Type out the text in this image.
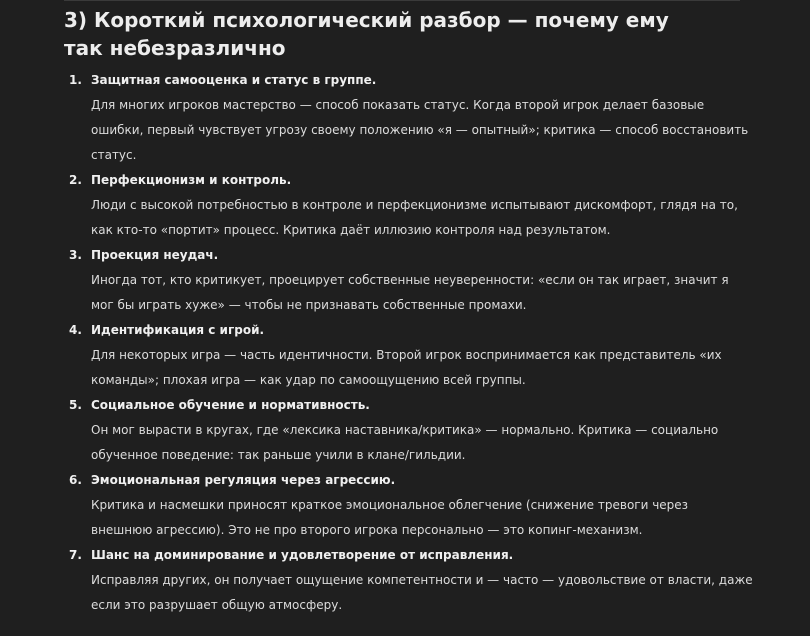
3) Короткий психологический разбор — почему ему так небезразлично
1. Защитная самооценка и статус в группе.
Для многих игроков мастерство — способ показать статус. Когда второй игрок делает базовые ошибки, первый чувствует угрозу своему положению «я — опытный»; критика — способ восстановить статус.
2. Перфекционизм и контроль.
Люди с высокой потребностью в контроле и перфекционизме испытывают дискомфорт, глядя на то, как кто-то «портит» процесс. Критика даёт иллюзию контроля над результатом.
3. Проекция неудач.
Иногда тот, кто критикует, проецирует собственные неуверенности: «если он так играет, значит я мог бы играть хуже» — чтобы не признавать собственные промахи.
4. Идентификация с игрой.
Для некоторых игра — часть идентичности. Второй игрок воспринимается как представитель «их команды»; плохая игра — как удар по самоощущению всей группы.
5. Социальное обучение и нормативность.
Он мог вырасти в кругах, где «лексика наставника/критика» — нормально. Критика — социально обученное поведение: так раньше учили в клане/гильдии.
6. Эмоциональная регуляция через агрессию.
Критика и насмешки приносят краткое эмоциональное облегчение (снижение тревоги через внешнюю агрессию). Это не про второго игрока персонально — это копинг-механизм.
7. Шанс на доминирование и удовлетворение от исправления.
Исправляя других, он получает ощущение компетентности и — часто — удовольствие от власти, даже если это разрушает общую атмосферу.
